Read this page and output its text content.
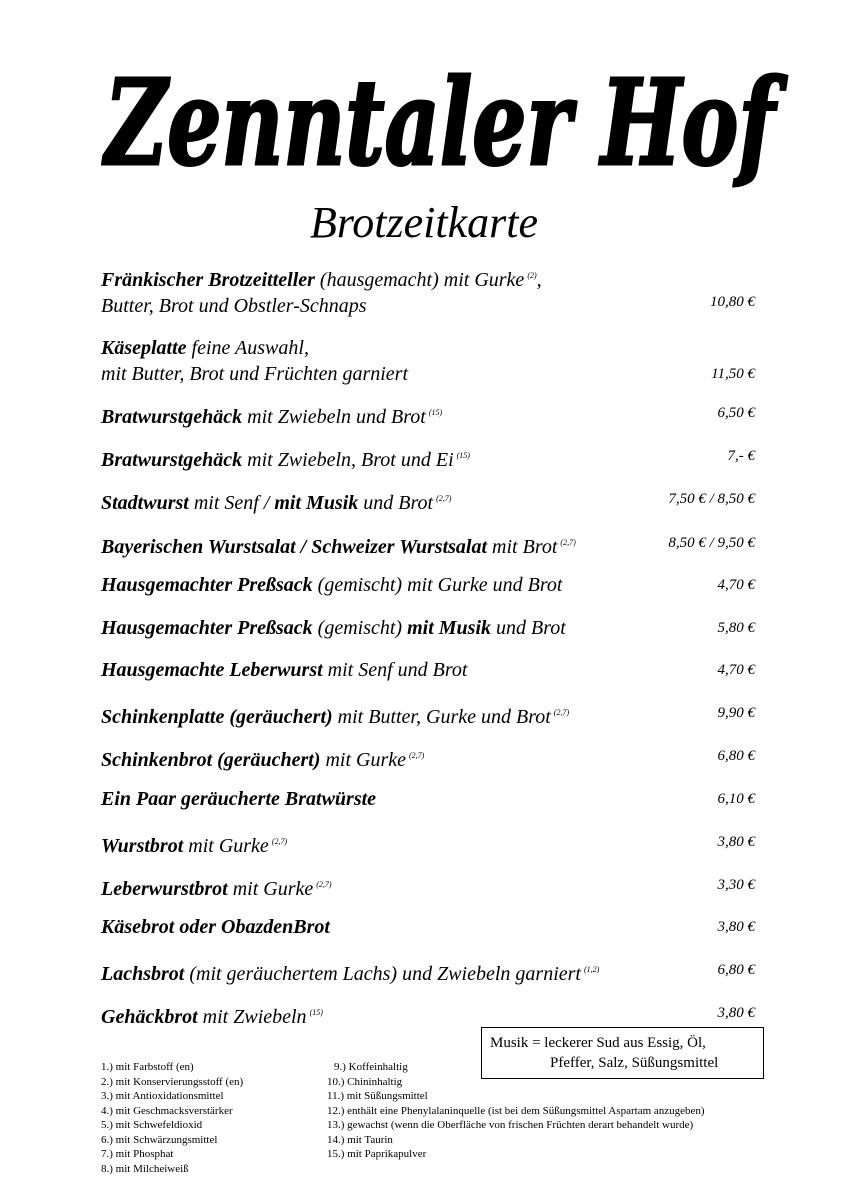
Zenntaler Hof
Brotzeitkarte
Fränkischer Brotzeitteller (hausgemacht) mit Gurke $^{(2)}$,
Butter, Brot und Obstler-Schnaps	10,80 €
Käseplatte feine Auswahl,
mit Butter, Brot und Früchten garniert	11,50 €
Bratwurstgehäck mit Zwiebeln und Brot $^{(15)}$	6,50 €
Bratwurstgehäck mit Zwiebeln, Brot und Ei $^{(15)}$	7,- €
Stadtwurst mit Senf / mit Musik und Brot $^{(2,7)}$	7,50 € / 8,50 €
Bayerischen Wurstsalat / Schweizer Wurstsalat mit Brot $^{(2,7)}$	8,50 € / 9,50 €
Hausgemachter Preßsack (gemischt) mit Gurke und Brot	4,70 €
Hausgemachter Preßsack (gemischt) mit Musik und Brot	5,80 €
Hausgemachte Leberwurst mit Senf und Brot	4,70 €
Schinkenplatte (geräuchert) mit Butter, Gurke und Brot $^{(2,7)}$	9,90 €
Schinkenbrot (geräuchert) mit Gurke $^{(2,7)}$	6,80 €
Ein Paar geräucherte Bratwürste	6,10 €
Wurstbrot mit Gurke $^{(2,7)}$	3,80 €
Leberwurstbrot mit Gurke $^{(2,7)}$	3,30 €
Käsebrot oder ObazdenBrot	3,80 €
Lachsbrot (mit geräuchertem Lachs) und Zwiebeln garniert $^{(1,2)}$	6,80 €
Gehäckbrot mit Zwiebeln $^{(15)}$	3,80 €
Musik = leckerer Sud aus Essig, Öl,
Pfeffer, Salz, Süßungsmittel
1.) mit Farbstoff (en)
2.) mit Konservierungsstoff (en)
3.) mit Antioxidationsmittel
4.) mit Geschmacksverstärker
5.) mit Schwefeldioxid
6.) mit Schwärzungsmittel
7.) mit Phosphat
8.) mit Milcheiweiß
9.) Koffeinhaltig
10.) Chininhaltig
11.) mit Süßungsmittel
12.) enthält eine Phenylalaninquelle (ist bei dem Süßungsmittel Aspartam anzugeben)
13.) gewachst (wenn die Oberfläche von frischen Früchten derart behandelt wurde)
14.) mit Taurin
15.) mit Paprikapulver
